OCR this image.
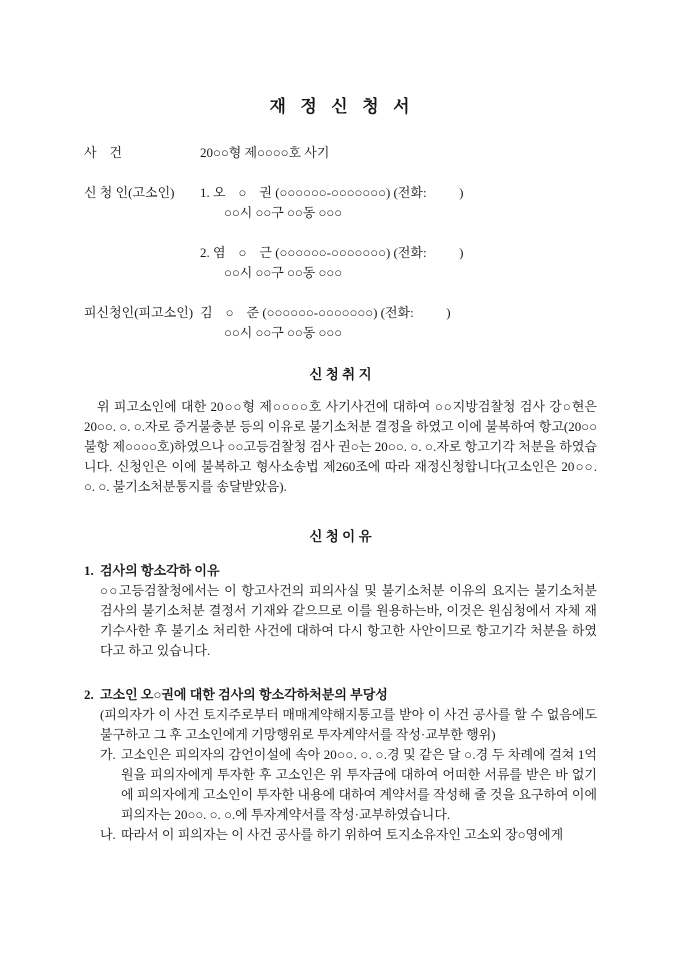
재  정  신  청  서
사    건	20○○형 제○○○○호 사기
신 청 인(고소인)	1. 오    ○    권 (○○○○○○-○○○○○○○) (전화:          )
○○시 ○○구 ○○동 ○○○
2. 염    ○    근 (○○○○○○-○○○○○○○) (전화:          )
○○시 ○○구 ○○동 ○○○
피신청인(피고소인) 김    ○    준 (○○○○○○-○○○○○○○) (전화:          )
○○시 ○○구 ○○동 ○○○
신 청 취 지
위 피고소인에 대한 20○○형 제○○○○호 사기사건에 대하여 ○○지방검찰청 검사 강○현은 20○○. ○. ○.자로 증거불충분 등의 이유로 불기소처분 결정을 하였고 이에 불복하여 항고(20○○불항 제○○○○호)하였으나 ○○고등검찰청 검사 권○는 20○○. ○. ○.자로 항고기각 처분을 하였습니다. 신청인은 이에 불복하고 형사소송법 제260조에 따라 재정신청합니다(고소인은 20○○. ○. ○. 불기소처분통지를 송달받았음).
신 청 이 유
1. 검사의 항소각하 이유
○○고등검찰청에서는 이 항고사건의 피의사실 및 불기소처분 이유의 요지는 불기소처분 검사의 불기소처분 결정서 기재와 같으므로 이를 원용하는바, 이것은 원심청에서 자체 재기수사한 후 불기소 처리한 사건에 대하여 다시 항고한 사안이므로 항고기각 처분을 하였다고 하고 있습니다.
2. 고소인 오○권에 대한 검사의 항소각하처분의 부당성
(피의자가 이 사건 토지주로부터 매매계약해지통고를 받아 이 사건 공사를 할 수 없음에도 불구하고 그 후 고소인에게 기망행위로 투자계약서를 작성·교부한 행위)
가. 고소인은 피의자의 감언이설에 속아 20○○. ○. ○.경 및 같은 달 ○.경 두 차례에 걸쳐 1억원을 피의자에게 투자한 후 고소인은 위 투자금에 대하여 어떠한 서류를 받은 바 없기에 피의자에게 고소인이 투자한 내용에 대하여 계약서를 작성해 줄 것을 요구하여 이에 피의자는 20○○. ○. ○.에 투자계약서를 작성·교부하였습니다.
나. 따라서 이 피의자는 이 사건 공사를 하기 위하여 토지소유자인 고소외 장○영에게
